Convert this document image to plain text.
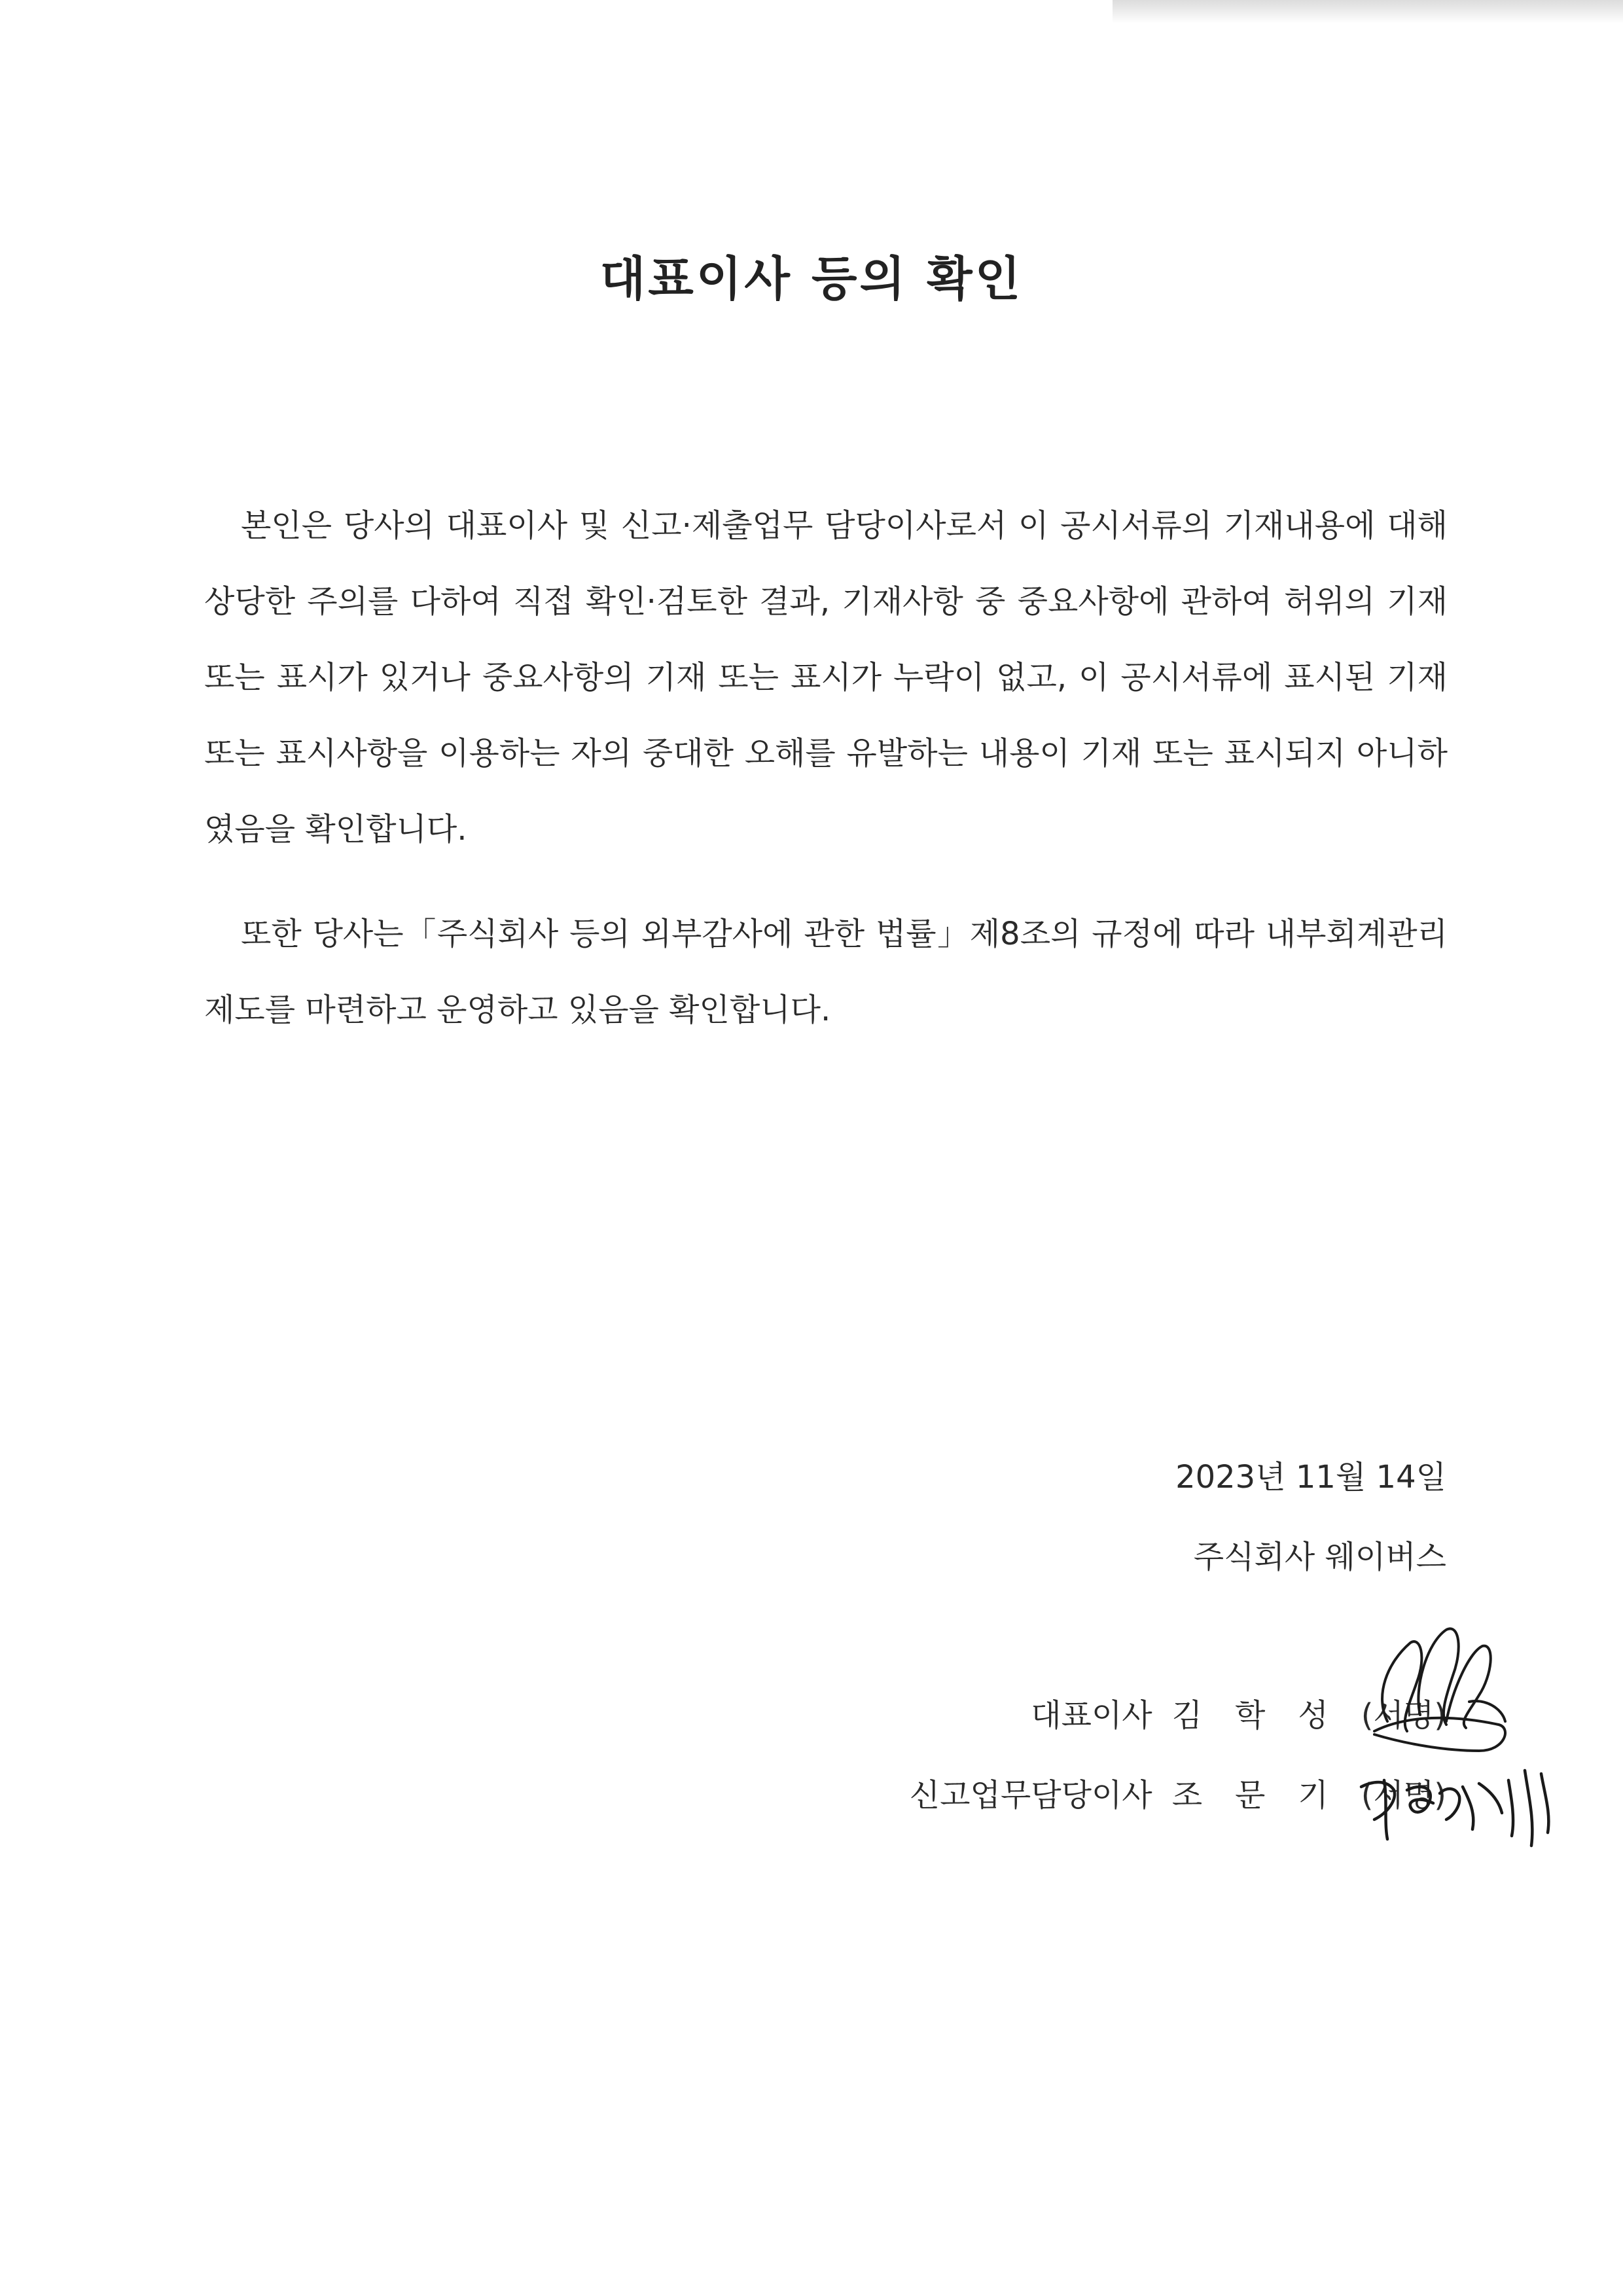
대표이사 등의 확인

본인은 당사의 대표이사 및 신고·제출업무 담당이사로서 이 공시서류의 기재내용에 대해 상당한 주의를 다하여 직접 확인·검토한 결과, 기재사항 중 중요사항에 관하여 허위의 기재 또는 표시가 있거나 중요사항의 기재 또는 표시가 누락이 없고, 이 공시서류에 표시된 기재 또는 표시사항을 이용하는 자의 중대한 오해를 유발하는 내용이 기재 또는 표시되지 아니하였음을 확인합니다.

또한 당사는「주식회사 등의 외부감사에 관한 법률」제8조의 규정에 따라 내부회계관리제도를 마련하고 운영하고 있음을 확인합니다.

2023년 11월 14일
주식회사 웨이버스
대표이사 김학성 (서명)
신고업무담당이사 조문기 (서명)
